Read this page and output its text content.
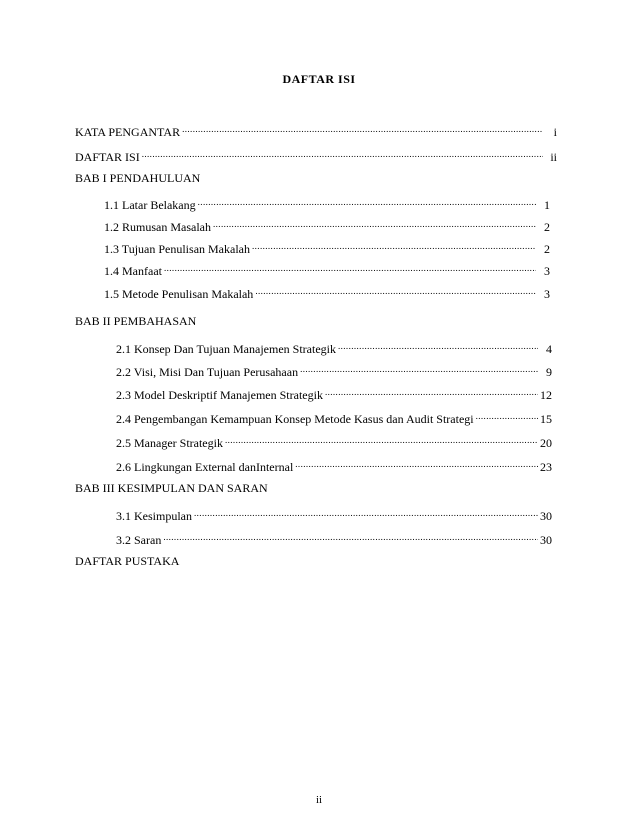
DAFTAR ISI
KATA PENGANTAR .....	i
DAFTAR ISI .....	ii
BAB I PENDAHULUAN
1.1 Latar Belakang .....	1
1.2 Rumusan Masalah .....	2
1.3 Tujuan Penulisan Makalah .....	2
1.4 Manfaat .....	3
1.5 Metode Penulisan Makalah .....	3
BAB II PEMBAHASAN
2.1 Konsep Dan Tujuan Manajemen Strategik .....	4
2.2 Visi, Misi Dan Tujuan Perusahaan .....	9
2.3 Model Deskriptif Manajemen Strategik .....	12
2.4 Pengembangan Kemampuan Konsep Metode Kasus dan Audit Strategi .....	15
2.5 Manager Strategik .....	20
2.6 Lingkungan External danInternal .....	23
BAB III KESIMPULAN DAN SARAN
3.1 Kesimpulan .....	30
3.2 Saran .....	30
DAFTAR PUSTAKA
ii
